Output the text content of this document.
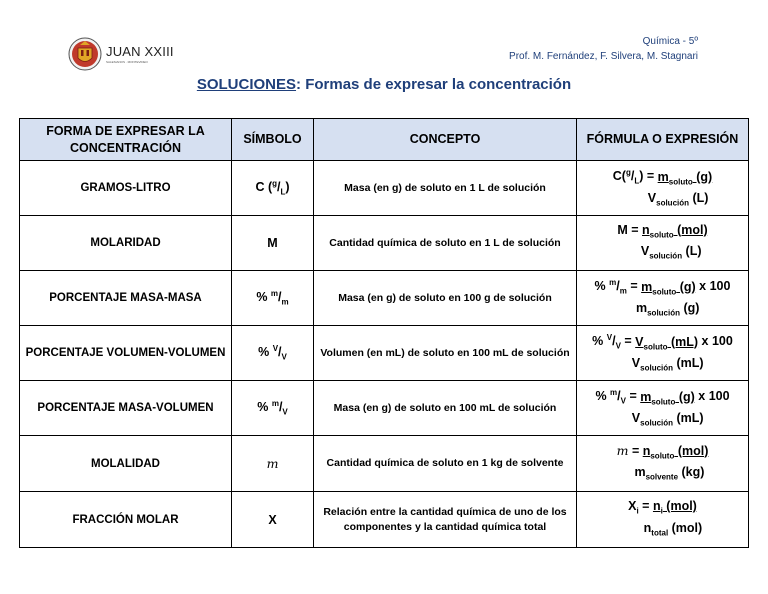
JUAN XXIII
SALESIANOS · MONTEVIDEO
Química - 5º
Prof. M. Fernández, F. Silvera, M. Stagnari
SOLUCIONES: Formas de expresar la concentración
FORMA DE EXPRESAR LA CONCENTRACIÓN	SÍMBOLO	CONCEPTO	FÓRMULA O EXPRESIÓN
GRAMOS-LITRO	C $(^g/_L)$	Masa (en g) de soluto en 1 L de solución	$C(^g/_L) = m_{soluto}$ (g)
$V_{solución}$ (L)

MOLARIDAD	M	Cantidad química de soluto en 1 L de solución	$M = n_{soluto}$ (mol)
$V_{solución}$ (L)

PORCENTAJE MASA-MASA	% $^m/_m$	Masa (en g) de soluto en 100 g de solución	% $^m/_m = m_{soluto}$ (g) x 100
$m_{solución}$ (g)

PORCENTAJE VOLUMEN-VOLUMEN	% $^V/_V$	Volumen (en mL) de soluto en 100 mL de solución	% $^V/_V = V_{soluto}$ (mL) x 100
$V_{solución}$ (mL)

PORCENTAJE MASA-VOLUMEN	% $^m/_V$	Masa (en g) de soluto en 100 mL de solución	% $^m/_V = m_{soluto}$ (g) x 100
$V_{solución}$ (mL)

MOLALIDAD	m	Cantidad química de soluto en 1 kg de solvente	$m = n_{soluto}$ (mol)
$m_{solvente}$ (kg)

FRACCIÓN MOLAR	X	Relación entre la cantidad química de uno de los componentes y la cantidad química total	$X_i = n_i$ (mol)
$n_{total}$ (mol)
